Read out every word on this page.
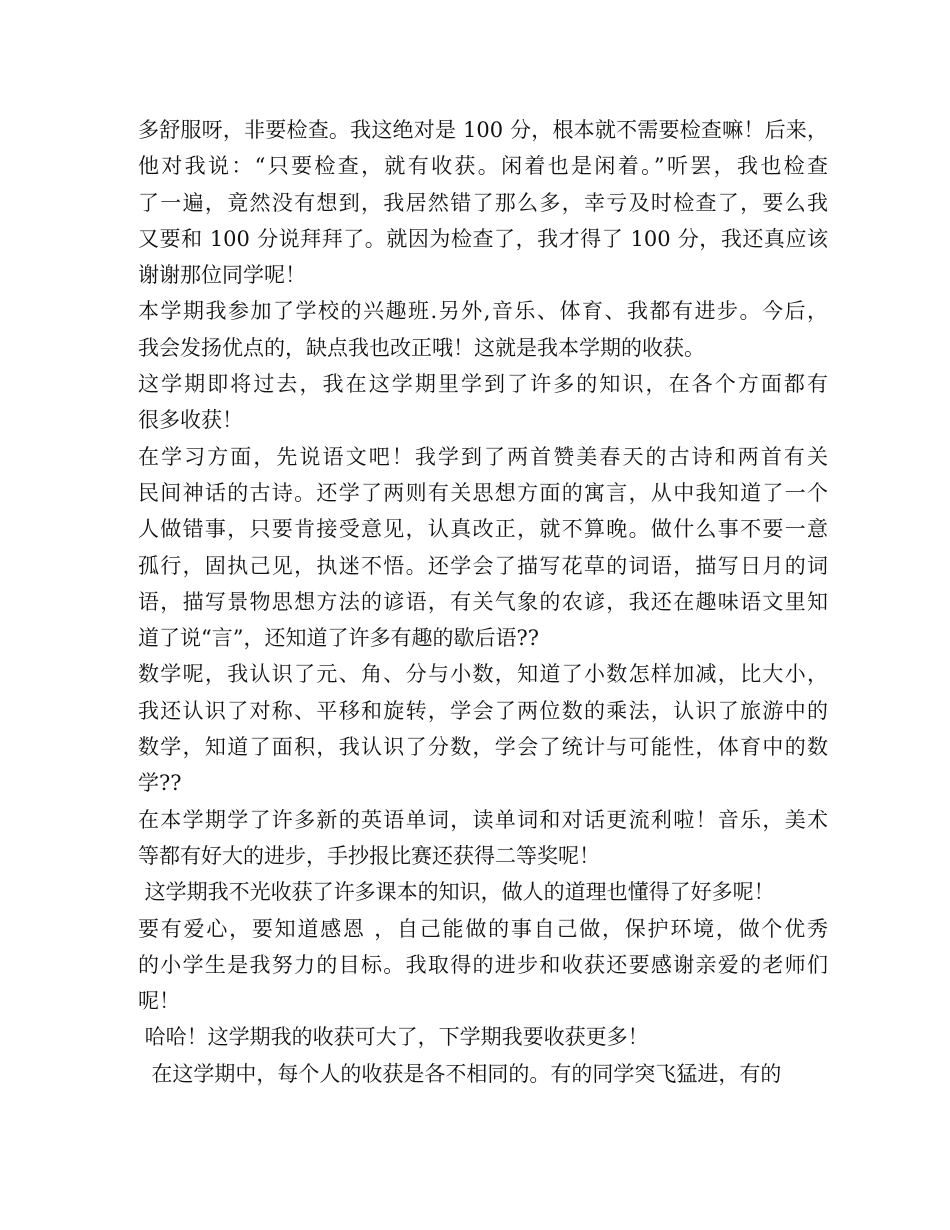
多舒服呀，非要检查。我这绝对是 100 分，根本就不需要检查嘛！后来，
他对我说：“只要检查，就有收获。闲着也是闲着。”听罢，我也检查
了一遍，竟然没有想到，我居然错了那么多，幸亏及时检查了，要么我
又要和 100 分说拜拜了。就因为检查了，我才得了 100 分，我还真应该
谢谢那位同学呢！
本学期我参加了学校的兴趣班.另外,音乐、体育、我都有进步。今后，
我会发扬优点的，缺点我也改正哦！这就是我本学期的收获。
这学期即将过去，我在这学期里学到了许多的知识，在各个方面都有
很多收获！
在学习方面，先说语文吧！我学到了两首赞美春天的古诗和两首有关
民间神话的古诗。还学了两则有关思想方面的寓言，从中我知道了一个
人做错事，只要肯接受意见，认真改正，就不算晚。做什么事不要一意
孤行，固执己见，执迷不悟。还学会了描写花草的词语，描写日月的词
语，描写景物思想方法的谚语，有关气象的农谚，我还在趣味语文里知
道了说“言”，还知道了许多有趣的歇后语??
数学呢，我认识了元、角、分与小数，知道了小数怎样加减，比大小，
我还认识了对称、平移和旋转，学会了两位数的乘法，认识了旅游中的
数学，知道了面积，我认识了分数，学会了统计与可能性，体育中的数
学??
在本学期学了许多新的英语单词，读单词和对话更流利啦！音乐，美术
等都有好大的进步，手抄报比赛还获得二等奖呢！
这学期我不光收获了许多课本的知识，做人的道理也懂得了好多呢！
要有爱心，要知道感恩 ，自己能做的事自己做，保护环境，做个优秀
的小学生是我努力的目标。我取得的进步和收获还要感谢亲爱的老师们
呢！
哈哈！这学期我的收获可大了，下学期我要收获更多！
在这学期中，每个人的收获是各不相同的。有的同学突飞猛进，有的
